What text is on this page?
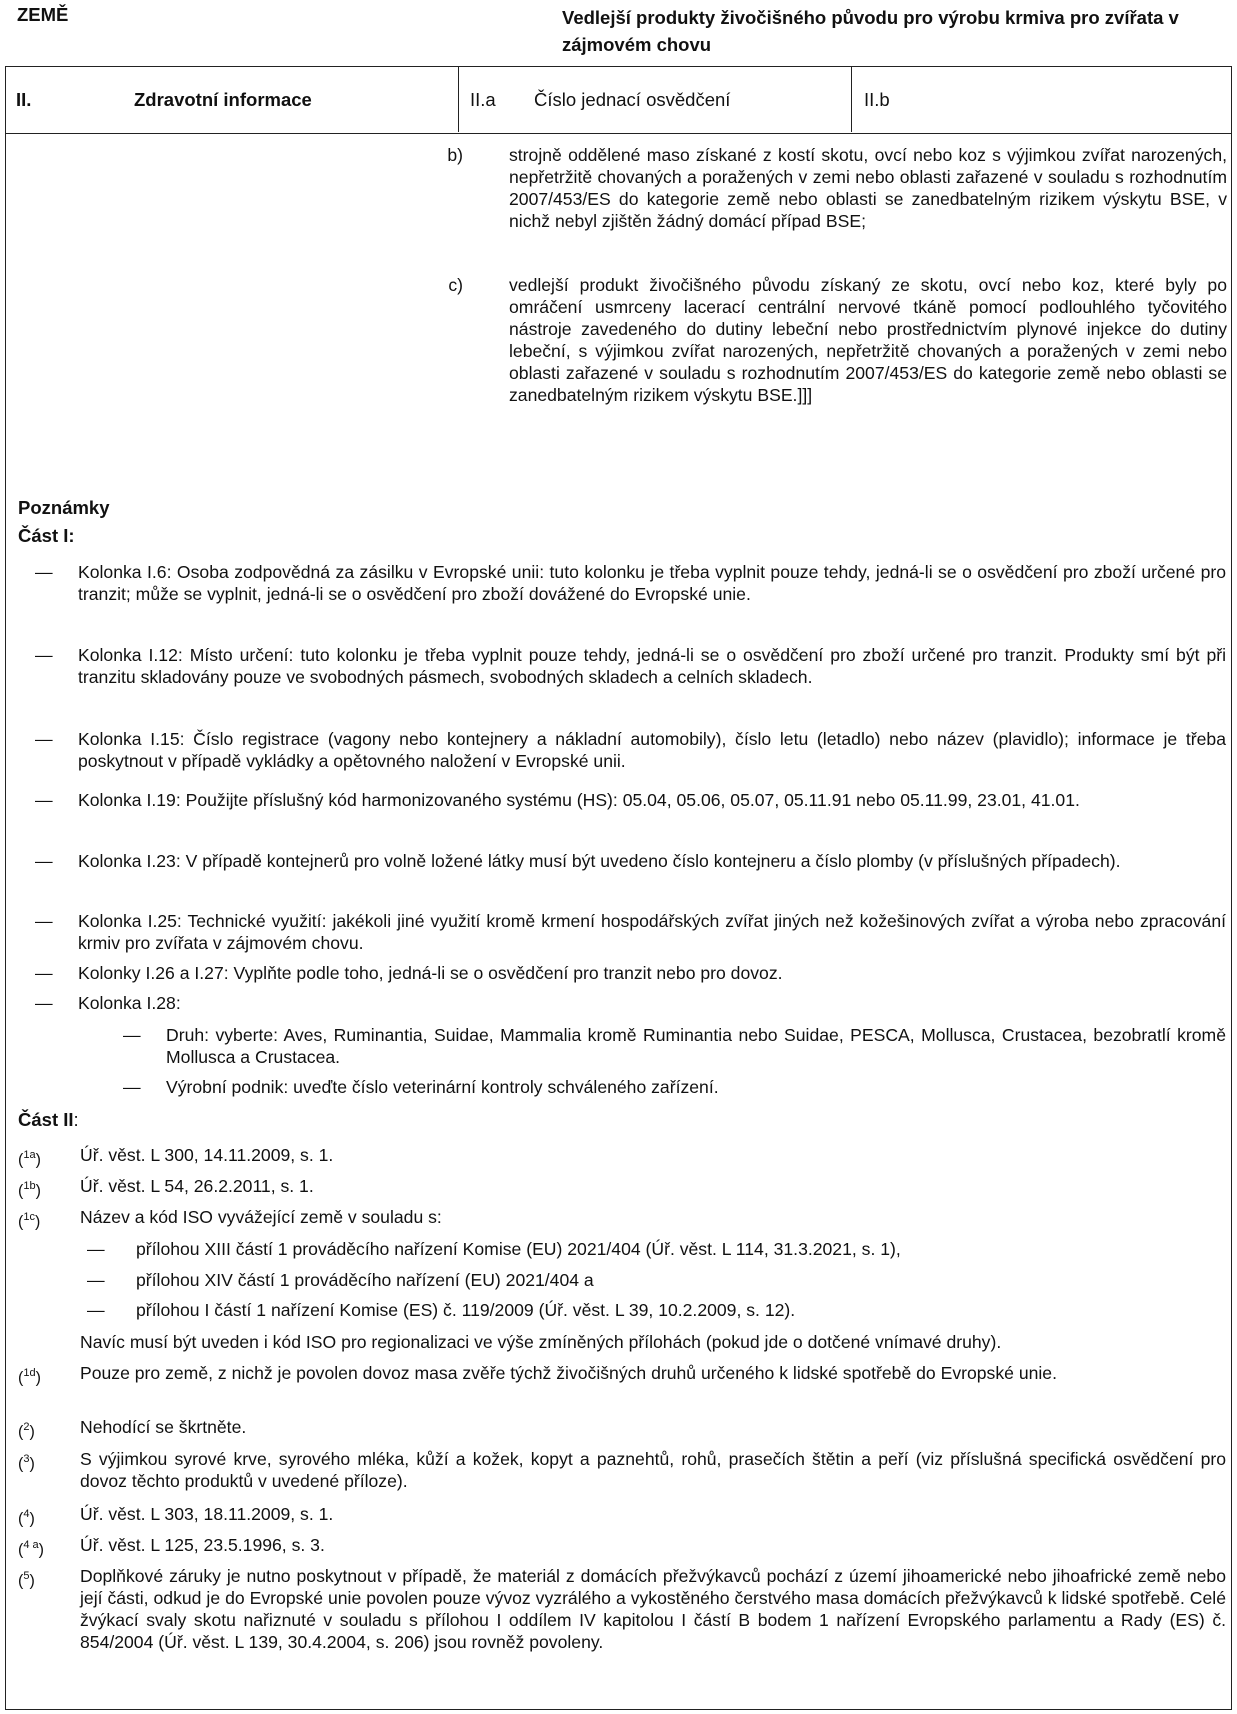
ZEMĚ	Vedlejší produkty živočišného původu pro výrobu krmiva pro zvířata v zájmovém chovu
II.	Zdravotní informace	II.a Číslo jednací osvědčení	II.b
b)	strojně oddělené maso získané z kostí skotu, ovcí nebo koz s výjimkou zvířat narozených, nepřetržitě chovaných a poražených v zemi nebo oblasti zařazené v souladu s rozhodnutím 2007/453/ES do kategorie země nebo oblasti se zanedbatelným rizikem výskytu BSE, v nichž nebyl zjištěn žádný domácí případ BSE;
c)	vedlejší produkt živočišného původu získaný ze skotu, ovcí nebo koz, které byly po omráčení usmrceny lacerací centrální nervové tkáně pomocí podlouhlého tyčovitého nástroje zavedeného do dutiny lebeční nebo prostřednictvím plynové injekce do dutiny lebeční, s výjimkou zvířat narozených, nepřetržitě chovaných a poražených v zemi nebo oblasti zařazené v souladu s rozhodnutím 2007/453/ES do kategorie země nebo oblasti se zanedbatelným rizikem výskytu BSE.]]]
Poznámky
Část I:
—	Kolonka I.6: Osoba zodpovědná za zásilku v Evropské unii: tuto kolonku je třeba vyplnit pouze tehdy, jedná-li se o osvědčení pro zboží určené pro tranzit; může se vyplnit, jedná-li se o osvědčení pro zboží dovážené do Evropské unie.
—	Kolonka I.12: Místo určení: tuto kolonku je třeba vyplnit pouze tehdy, jedná-li se o osvědčení pro zboží určené pro tranzit. Produkty smí být při tranzitu skladovány pouze ve svobodných pásmech, svobodných skladech a celních skladech.
—	Kolonka I.15: Číslo registrace (vagony nebo kontejnery a nákladní automobily), číslo letu (letadlo) nebo název (plavidlo); informace je třeba poskytnout v případě vykládky a opětovného naložení v Evropské unii.
—	Kolonka I.19: Použijte příslušný kód harmonizovaného systému (HS): 05.04, 05.06, 05.07, 05.11.91 nebo 05.11.99, 23.01, 41.01.
—	Kolonka I.23: V případě kontejnerů pro volně ložené látky musí být uvedeno číslo kontejneru a číslo plomby (v příslušných případech).
—	Kolonka I.25: Technické využití: jakékoli jiné využití kromě krmení hospodářských zvířat jiných než kožešinových zvířat a výroba nebo zpracování krmiv pro zvířata v zájmovém chovu.
—	Kolonky I.26 a I.27: Vyplňte podle toho, jedná-li se o osvědčení pro tranzit nebo pro dovoz.
—	Kolonka I.28:
—	Druh: vyberte: Aves, Ruminantia, Suidae, Mammalia kromě Ruminantia nebo Suidae, PESCA, Mollusca, Crustacea, bezobratlí kromě Mollusca a Crustacea.
—	Výrobní podnik: uveďte číslo veterinární kontroly schváleného zařízení.
Část II:
($^{1a}$)	Úř. věst. L 300, 14.11.2009, s. 1.
($^{1b}$)	Úř. věst. L 54, 26.2.2011, s. 1.
($^{1c}$)	Název a kód ISO vyvážející země v souladu s:
—	přílohou XIII částí 1 prováděcího nařízení Komise (EU) 2021/404 (Úř. věst. L 114, 31.3.2021, s. 1),
—	přílohou XIV částí 1 prováděcího nařízení (EU) 2021/404 a
—	přílohou I částí 1 nařízení Komise (ES) č. 119/2009 (Úř. věst. L 39, 10.2.2009, s. 12).
Navíc musí být uveden i kód ISO pro regionalizaci ve výše zmíněných přílohách (pokud jde o dotčené vnímavé druhy).
($^{1d}$)	Pouze pro země, z nichž je povolen dovoz masa zvěře týchž živočišných druhů určeného k lidské spotřebě do Evropské unie.
($^2$)	Nehodící se škrtněte.
($^3$)	S výjimkou syrové krve, syrového mléka, kůží a kožek, kopyt a paznehtů, rohů, prasečích štětin a peří (viz příslušná specifická osvědčení pro dovoz těchto produktů v uvedené příloze).
($^4$)	Úř. věst. L 303, 18.11.2009, s. 1.
($^{4 a}$)	Úř. věst. L 125, 23.5.1996, s. 3.
($^5$)	Doplňkové záruky je nutno poskytnout v případě, že materiál z domácích přežvýkavců pochází z území jihoamerické nebo jihoafrické země nebo její části, odkud je do Evropské unie povolen pouze vývoz vyzrálého a vykostěného čerstvého masa domácích přežvýkavců k lidské spotřebě. Celé žvýkací svaly skotu nařiznuté v souladu s přílohou I oddílem IV kapitolou I částí B bodem 1 nařízení Evropského parlamentu a Rady (ES) č. 854/2004 (Úř. věst. L 139, 30.4.2004, s. 206) jsou rovněž povoleny.
